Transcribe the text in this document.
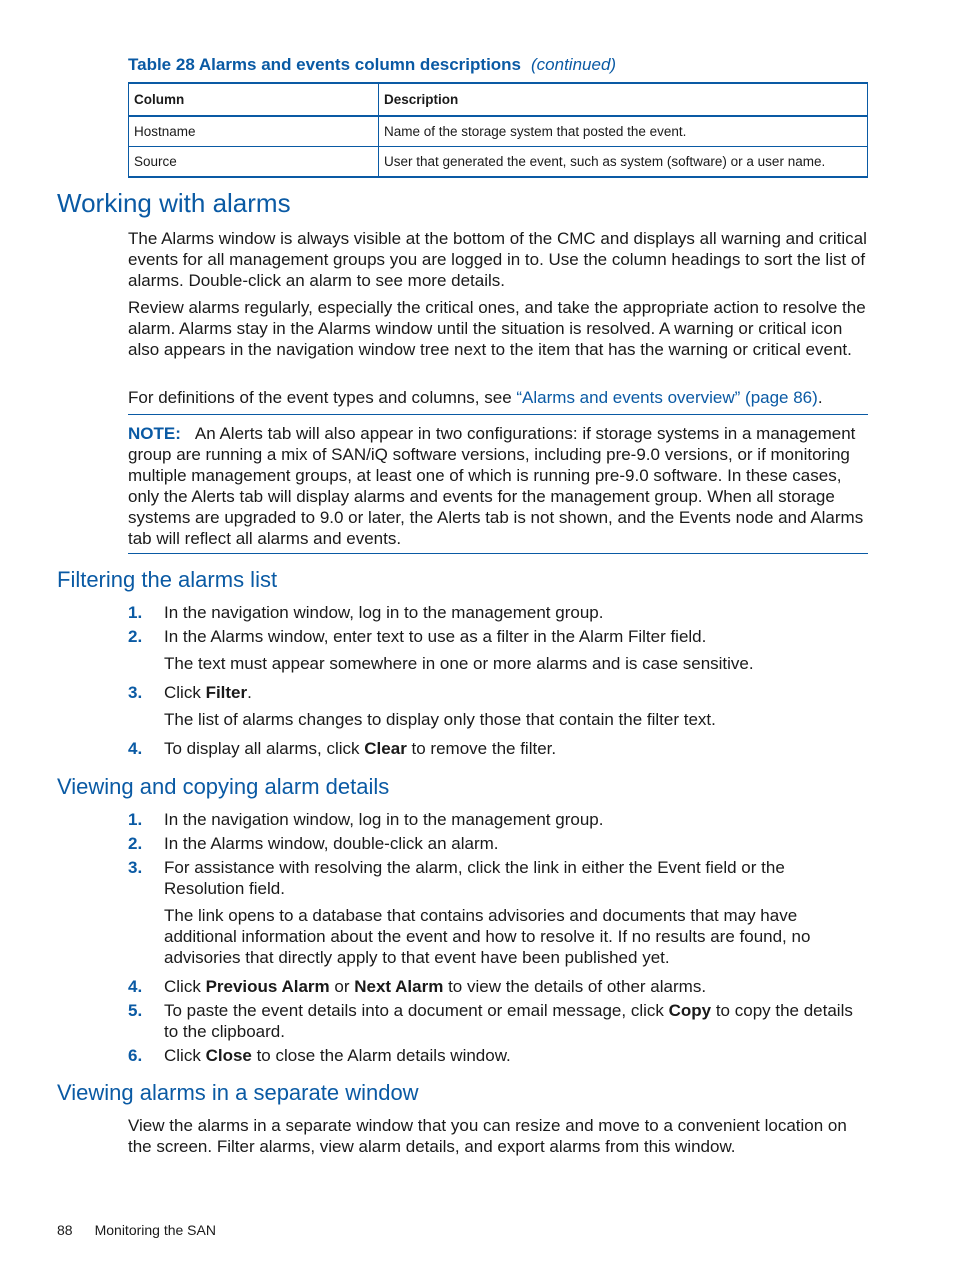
Table 28 Alarms and events column descriptions (continued)
Column	Description
Hostname	Name of the storage system that posted the event.
Source	User that generated the event, such as system (software) or a user name.
Working with alarms

The Alarms window is always visible at the bottom of the CMC and displays all warning and critical events for all management groups you are logged in to. Use the column headings to sort the list of alarms. Double-click an alarm to see more details.

Review alarms regularly, especially the critical ones, and take the appropriate action to resolve the alarm. Alarms stay in the Alarms window until the situation is resolved. A warning or critical icon also appears in the navigation window tree next to the item that has the warning or critical event.

For definitions of the event types and columns, see “Alarms and events overview” (page 86).

NOTE: An Alerts tab will also appear in two configurations: if storage systems in a management group are running a mix of SAN/iQ software versions, including pre-9.0 versions, or if monitoring multiple management groups, at least one of which is running pre-9.0 software. In these cases, only the Alerts tab will display alarms and events for the management group. When all storage systems are upgraded to 9.0 or later, the Alerts tab is not shown, and the Events node and Alarms tab will reflect all alarms and events.

Filtering the alarms list
1. In the navigation window, log in to the management group.
2. In the Alarms window, enter text to use as a filter in the Alarm Filter field.

The text must appear somewhere in one or more alarms and is case sensitive.

3. Click Filter.

The list of alarms changes to display only those that contain the filter text.

4. To display all alarms, click Clear to remove the filter.
Viewing and copying alarm details
1. In the navigation window, log in to the management group.
2. In the Alarms window, double-click an alarm.
3. For assistance with resolving the alarm, click the link in either the Event field or the Resolution field.

The link opens to a database that contains advisories and documents that may have additional information about the event and how to resolve it. If no results are found, no advisories that directly apply to that event have been published yet.

4. Click Previous Alarm or Next Alarm to view the details of other alarms.
5. To paste the event details into a document or email message, click Copy to copy the details to the clipboard.
6. Click Close to close the Alarm details window.
Viewing alarms in a separate window

View the alarms in a separate window that you can resize and move to a convenient location on the screen. Filter alarms, view alarm details, and export alarms from this window.

88 Monitoring the SAN
